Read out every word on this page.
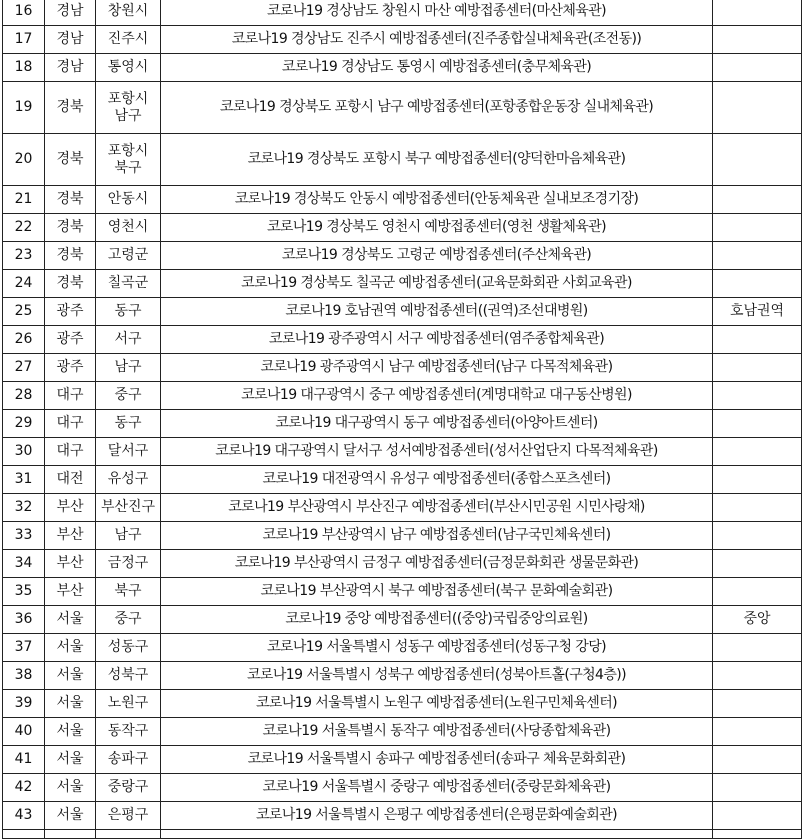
16	경남	창원시	코로나19 경상남도 창원시 마산 예방접종센터(마산체육관)	
17	경남	진주시	코로나19 경상남도 진주시 예방접종센터(진주종합실내체육관(조전동))	
18	경남	통영시	코로나19 경상남도 통영시 예방접종센터(충무체육관)	
19	경북	포항시 남구	코로나19 경상북도 포항시 남구 예방접종센터(포항종합운동장 실내체육관)	
20	경북	포항시 북구	코로나19 경상북도 포항시 북구 예방접종센터(양덕한마음체육관)	
21	경북	안동시	코로나19 경상북도 안동시 예방접종센터(안동체육관 실내보조경기장)	
22	경북	영천시	코로나19 경상북도 영천시 예방접종센터(영천 생활체육관)	
23	경북	고령군	코로나19 경상북도 고령군 예방접종센터(주산체육관)	
24	경북	칠곡군	코로나19 경상북도 칠곡군 예방접종센터(교육문화회관 사회교육관)	
25	광주	동구	코로나19 호남권역 예방접종센터((권역)조선대병원)	호남권역
26	광주	서구	코로나19 광주광역시 서구 예방접종센터(염주종합체육관)	
27	광주	남구	코로나19 광주광역시 남구 예방접종센터(남구 다목적체육관)	
28	대구	중구	코로나19 대구광역시 중구 예방접종센터(계명대학교 대구동산병원)	
29	대구	동구	코로나19 대구광역시 동구 예방접종센터(아양아트센터)	
30	대구	달서구	코로나19 대구광역시 달서구 성서예방접종센터(성서산업단지 다목적체육관)	
31	대전	유성구	코로나19 대전광역시 유성구 예방접종센터(종합스포츠센터)	
32	부산	부산진구	코로나19 부산광역시 부산진구 예방접종센터(부산시민공원 시민사랑채)	
33	부산	남구	코로나19 부산광역시 남구 예방접종센터(남구국민체육센터)	
34	부산	금정구	코로나19 부산광역시 금정구 예방접종센터(금정문화회관 생물문화관)	
35	부산	북구	코로나19 부산광역시 북구 예방접종센터(북구 문화예술회관)	
36	서울	중구	코로나19 중앙 예방접종센터((중앙)국립중앙의료원)	중앙
37	서울	성동구	코로나19 서울특별시 성동구 예방접종센터(성동구청 강당)	
38	서울	성북구	코로나19 서울특별시 성북구 예방접종센터(성북아트홀(구청4층))	
39	서울	노원구	코로나19 서울특별시 노원구 예방접종센터(노원구민체육센터)	
40	서울	동작구	코로나19 서울특별시 동작구 예방접종센터(사당종합체육관)	
41	서울	송파구	코로나19 서울특별시 송파구 예방접종센터(송파구 체육문화회관)	
42	서울	중랑구	코로나19 서울특별시 중랑구 예방접종센터(중랑문화체육관)	
43	서울	은평구	코로나19 서울특별시 은평구 예방접종센터(은평문화예술회관)	
